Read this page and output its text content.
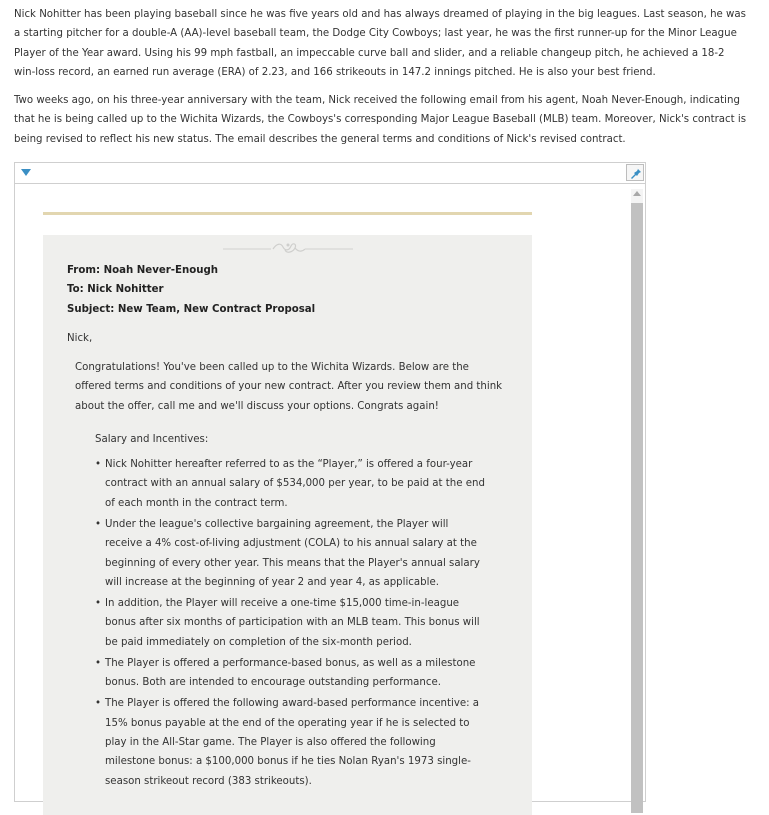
Nick Nohitter has been playing baseball since he was five years old and has always dreamed of playing in the big leagues. Last season, he was a starting pitcher for a double-A (AA)-level baseball team, the Dodge City Cowboys; last year, he was the first runner-up for the Minor League Player of the Year award. Using his 99 mph fastball, an impeccable curve ball and slider, and a reliable changeup pitch, he achieved a 18-2 win-loss record, an earned run average (ERA) of 2.23, and 166 strikeouts in 147.2 innings pitched. He is also your best friend.

Two weeks ago, on his three-year anniversary with the team, Nick received the following email from his agent, Noah Never-Enough, indicating that he is being called up to the Wichita Wizards, the Cowboys's corresponding Major League Baseball (MLB) team. Moreover, Nick's contract is being revised to reflect his new status. The email describes the general terms and conditions of Nick's revised contract.

From: Noah Never-Enough
To: Nick Nohitter
Subject: New Team, New Contract Proposal
Nick,

Congratulations! You've been called up to the Wichita Wizards. Below are the offered terms and conditions of your new contract. After you review them and think about the offer, call me and we'll discuss your options. Congrats again!

Salary and Incentives:
• Nick Nohitter hereafter referred to as the “Player,” is offered a four-year contract with an annual salary of $534,000 per year, to be paid at the end of each month in the contract term.
• Under the league's collective bargaining agreement, the Player will receive a 4% cost-of-living adjustment (COLA) to his annual salary at the beginning of every other year. This means that the Player's annual salary will increase at the beginning of year 2 and year 4, as applicable.
• In addition, the Player will receive a one-time $15,000 time-in-league bonus after six months of participation with an MLB team. This bonus will be paid immediately on completion of the six-month period.
• The Player is offered a performance-based bonus, as well as a milestone bonus. Both are intended to encourage outstanding performance.
• The Player is offered the following award-based performance incentive: a 15% bonus payable at the end of the operating year if he is selected to play in the All-Star game. The Player is also offered the following milestone bonus: a $100,000 bonus if he ties Nolan Ryan's 1973 single-season strikeout record (383 strikeouts).
